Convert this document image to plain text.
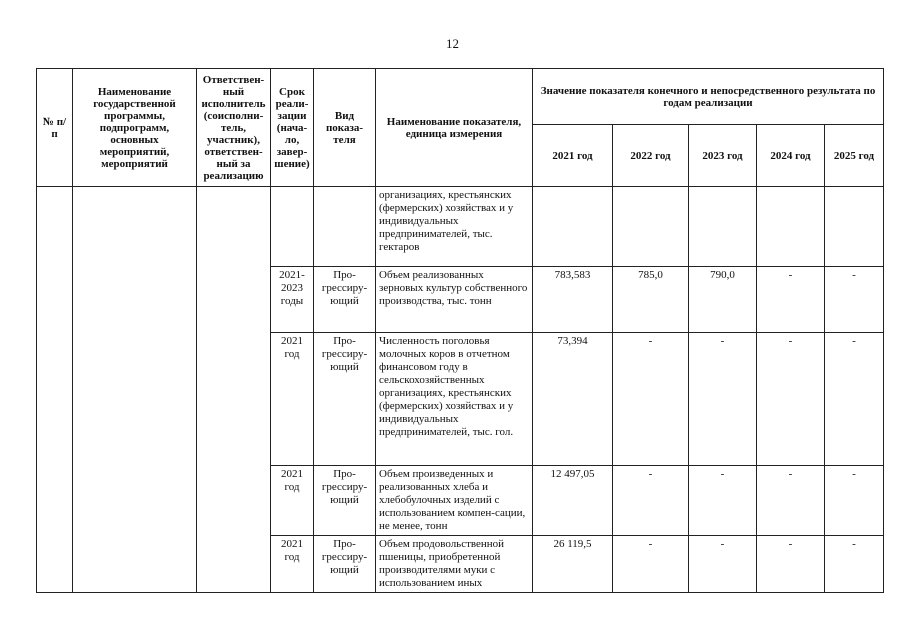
12
№ п/п	Наименование государственной программы, подпрограмм, основных мероприятий, мероприятий	Ответствен-ный исполнитель (соисполни-тель, участник), ответствен-ный за реализацию	Срок реали-зации (нача-ло, завер-шение)	Вид показа-теля	Наименование показателя, единица измерения	Значение показателя конечного и непосредственного результата по годам реализации				
						2021 год	2022 год	2023 год	2024 год	2025 год
					организациях, крестьянских (фермерских) хозяйствах и у индивидуальных предпринимателей, тыс. гектаров					
			2021-2023 годы	Про-грессиру-ющий	Объем реализованных зерновых культур собственного производства, тыс. тонн	783,583	785,0	790,0	-	-
			2021 год	Про-грессиру-ющий	Численность поголовья молочных коров в отчетном финансовом году в сельскохозяйственных организациях, крестьянских (фермерских) хозяйствах и у индивидуальных предпринимателей, тыс. гол.	73,394	-	-	-	-
			2021 год	Про-грессиру-ющий	Объем произведенных и реализованных хлеба и хлебобулочных изделий с использованием компен-сации, не менее, тонн	12 497,05	-	-	-	-
			2021 год	Про-грессиру-ющий	Объем продовольственной пшеницы, приобретенной производителями муки с использованием иных	26 119,5	-	-	-	-
